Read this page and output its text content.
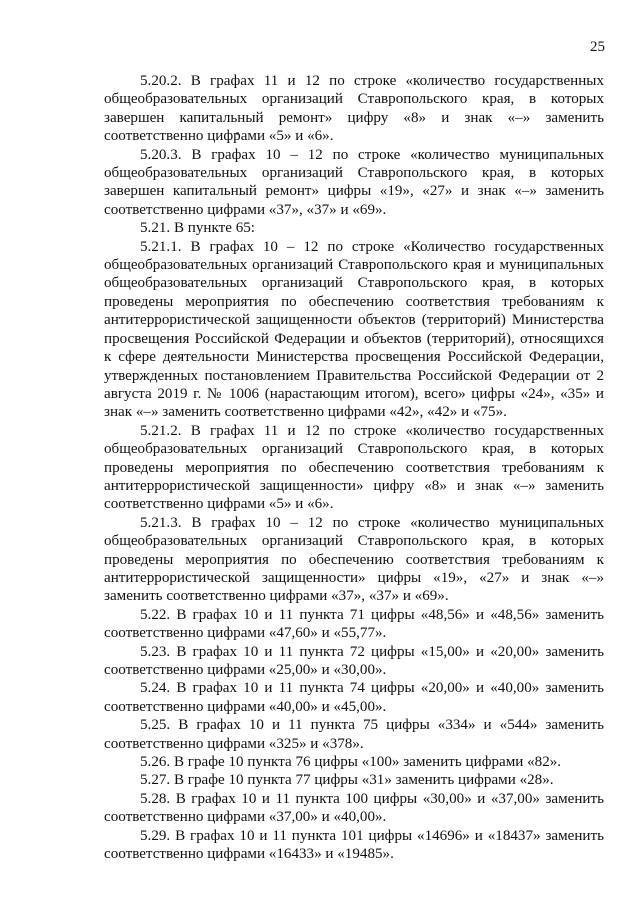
25

5.20.2. В графах 11 и 12 по строке «количество государственных общеобразовательных организаций Ставропольского края, в которых завершен капитальный ремонт» цифру «8» и знак «–» заменить соответственно цифрами «5» и «6».

5.20.3. В графах 10 – 12 по строке «количество муниципальных общеобразовательных организаций Ставропольского края, в которых завершен капитальный ремонт» цифры «19», «27» и знак «–» заменить соответственно цифрами «37», «37» и «69».

5.21. В пункте 65:

5.21.1. В графах 10 – 12 по строке «Количество государственных общеобразовательных организаций Ставропольского края и муниципальных общеобразовательных организаций Ставропольского края, в которых проведены мероприятия по обеспечению соответствия требованиям к антитеррористической защищенности объектов (территорий) Министерства просвещения Российской Федерации и объектов (территорий), относящихся к сфере деятельности Министерства просвещения Российской Федерации, утвержденных постановлением Правительства Российской Федерации от 2 августа 2019 г. № 1006 (нарастающим итогом), всего» цифры «24», «35» и знак «–» заменить соответственно цифрами «42», «42» и «75».

5.21.2. В графах 11 и 12 по строке «количество государственных общеобразовательных организаций Ставропольского края, в которых проведены мероприятия по обеспечению соответствия требованиям к антитеррористической защищенности» цифру «8» и знак «–» заменить соответственно цифрами «5» и «6».

5.21.3. В графах 10 – 12 по строке «количество муниципальных общеобразовательных организаций Ставропольского края, в которых проведены мероприятия по обеспечению соответствия требованиям к антитеррористической защищенности» цифры «19», «27» и знак «–» заменить соответственно цифрами «37», «37» и «69».

5.22. В графах 10 и 11 пункта 71 цифры «48,56» и «48,56» заменить соответственно цифрами «47,60» и «55,77».

5.23. В графах 10 и 11 пункта 72 цифры «15,00» и «20,00» заменить соответственно цифрами «25,00» и «30,00».

5.24. В графах 10 и 11 пункта 74 цифры «20,00» и «40,00» заменить соответственно цифрами «40,00» и «45,00».

5.25. В графах 10 и 11 пункта 75 цифры «334» и «544» заменить соответственно цифрами «325» и «378».

5.26. В графе 10 пункта 76 цифры «100» заменить цифрами «82».

5.27. В графе 10 пункта 77 цифры «31» заменить цифрами «28».

5.28. В графах 10 и 11 пункта 100 цифры «30,00» и «37,00» заменить соответственно цифрами «37,00» и «40,00».

5.29. В графах 10 и 11 пункта 101 цифры «14696» и «18437» заменить соответственно цифрами «16433» и «19485».
